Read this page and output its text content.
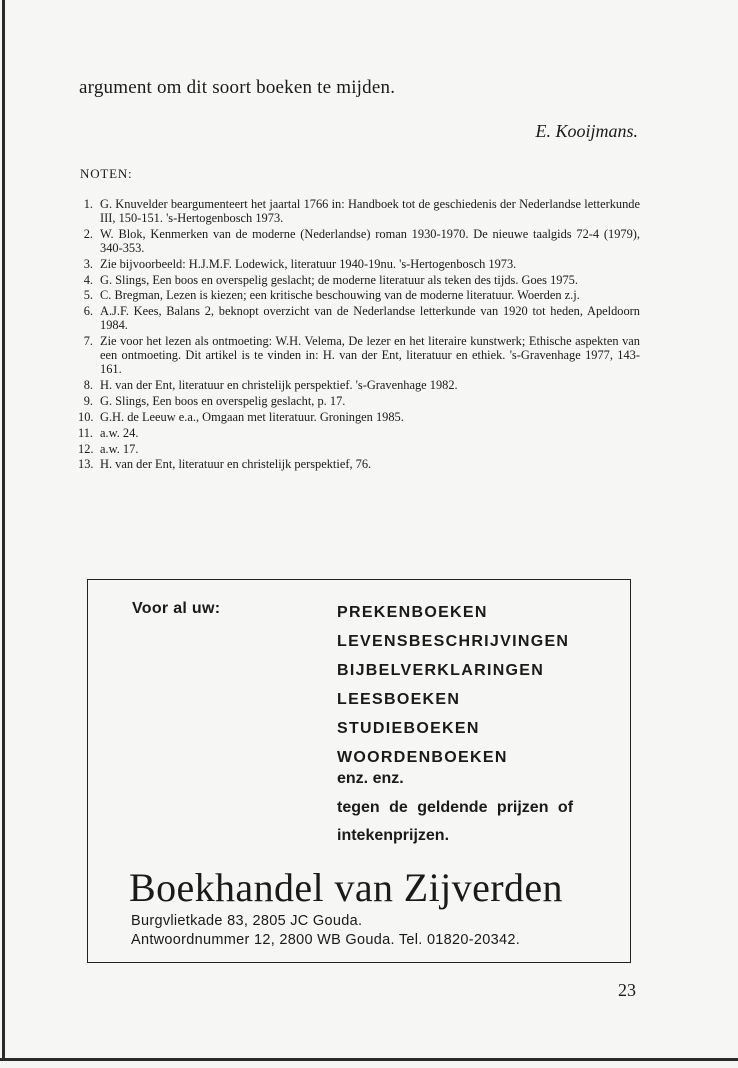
argument om dit soort boeken te mijden.
E. Kooijmans.
NOTEN:
1. G. Knuvelder beargumenteert het jaartal 1766 in: Handboek tot de geschiedenis der Nederlandse letterkunde III, 150-151. 's-Hertogenbosch 1973.
2. W. Blok, Kenmerken van de moderne (Nederlandse) roman 1930-1970. De nieuwe taalgids 72-4 (1979), 340-353.
3. Zie bijvoorbeeld: H.J.M.F. Lodewick, literatuur 1940-19nu. 's-Hertogenbosch 1973.
4. G. Slings, Een boos en overspelig geslacht; de moderne literatuur als teken des tijds. Goes 1975.
5. C. Bregman, Lezen is kiezen; een kritische beschouwing van de moderne literatuur. Woerden z.j.
6. A.J.F. Kees, Balans 2, beknopt overzicht van de Nederlandse letterkunde van 1920 tot heden, Apeldoorn 1984.
7. Zie voor het lezen als ontmoeting: W.H. Velema, De lezer en het literaire kunstwerk; Ethische aspekten van een ontmoeting. Dit artikel is te vinden in: H. van der Ent, literatuur en ethiek. 's-Gravenhage 1977, 143-161.
8. H. van der Ent, literatuur en christelijk perspektief. 's-Gravenhage 1982.
9. G. Slings, Een boos en overspelig geslacht, p. 17.
10. G.H. de Leeuw e.a., Omgaan met literatuur. Groningen 1985.
11. a.w. 24.
12. a.w. 17.
13. H. van der Ent, literatuur en christelijk perspektief, 76.
Voor al uw:	PREKENBOEKEN
LEVENSBESCHRIJVINGEN
BIJBELVERKLARINGEN
LEESBOEKEN
STUDIEBOEKEN
WOORDENBOEKEN
enz. enz.
tegen de geldende prijzen of
intekenprijzen.
Boekhandel van Zijverden
Burgvlietkade 83, 2805 JC Gouda.
Antwoordnummer 12, 2800 WB Gouda. Tel. 01820-20342.
23
